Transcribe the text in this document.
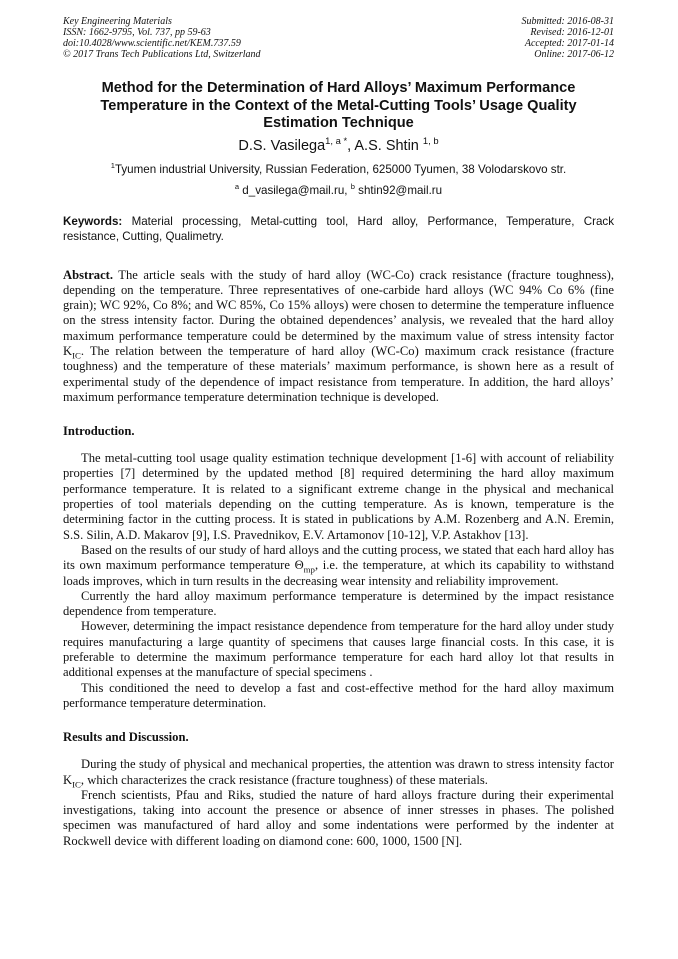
Key Engineering Materials
ISSN: 1662-9795, Vol. 737, pp 59-63
doi:10.4028/www.scientific.net/KEM.737.59
© 2017 Trans Tech Publications Ltd, Switzerland
Submitted: 2016-08-31
Revised: 2016-12-01
Accepted: 2017-01-14
Online: 2017-06-12
Method for the Determination of Hard Alloys’ Maximum Performance Temperature in the Context of the Metal-Cutting Tools’ Usage Quality Estimation Technique
D.S. Vasilega$^{1, a *}$, A.S. Shtin $^{1, b}$
$^1$Tyumen industrial University, Russian Federation, 625000 Tyumen, 38 Volodarskovo str.
$^a$ d_vasilega@mail.ru, $^b$ shtin92@mail.ru
Keywords: Material processing, Metal-cutting tool, Hard alloy, Performance, Temperature, Crack resistance, Cutting, Qualimetry.
Abstract. The article seals with the study of hard alloy (WC-Co) crack resistance (fracture toughness), depending on the temperature. Three representatives of one-carbide hard alloys (WC 94% Co 6% (fine grain); WC 92%, Co 8%; and WC 85%, Co 15% alloys) were chosen to determine the temperature influence on the stress intensity factor. During the obtained dependences’ analysis, we revealed that the hard alloy maximum performance temperature could be determined by the maximum value of stress intensity factor $K_{IC}$. The relation between the temperature of hard alloy (WC-Co) maximum crack resistance (fracture toughness) and the temperature of these materials’ maximum performance, is shown here as a result of experimental study of the dependence of impact resistance from temperature. In addition, the hard alloys’ maximum performance temperature determination technique is developed.
Introduction.

The metal-cutting tool usage quality estimation technique development [1-6] with account of reliability properties [7] determined by the updated method [8] required determining the hard alloy maximum performance temperature. It is related to a significant extreme change in the physical and mechanical properties of tool materials depending on the cutting temperature. As is known, temperature is the determining factor in the cutting process. It is stated in publications by A.M. Rozenberg and A.N. Eremin, S.S. Silin, A.D. Makarov [9], I.S. Pravednikov, E.V. Artamonov [10-12], V.P. Astakhov [13].

Based on the results of our study of hard alloys and the cutting process, we stated that each hard alloy has its own maximum performance temperature $\Theta_{mp}$, i.e. the temperature, at which its capability to withstand loads improves, which in turn results in the decreasing wear intensity and reliability improvement.

Currently the hard alloy maximum performance temperature is determined by the impact resistance dependence from temperature.

However, determining the impact resistance dependence from temperature for the hard alloy under study requires manufacturing a large quantity of specimens that causes large financial costs. In this case, it is preferable to determine the maximum performance temperature for each hard alloy lot that results in additional expenses at the manufacture of special specimens .

This conditioned the need to develop a fast and cost-effective method for the hard alloy maximum performance temperature determination.

Results and Discussion.

During the study of physical and mechanical properties, the attention was drawn to stress intensity factor $K_{IC}$, which characterizes the crack resistance (fracture toughness) of these materials.

French scientists, Pfau and Riks, studied the nature of hard alloys fracture during their experimental investigations, taking into account the presence or absence of inner stresses in phases. The polished specimen was manufactured of hard alloy and some indentations were performed by the indenter at Rockwell device with different loading on diamond cone: 600, 1000, 1500 [N].
